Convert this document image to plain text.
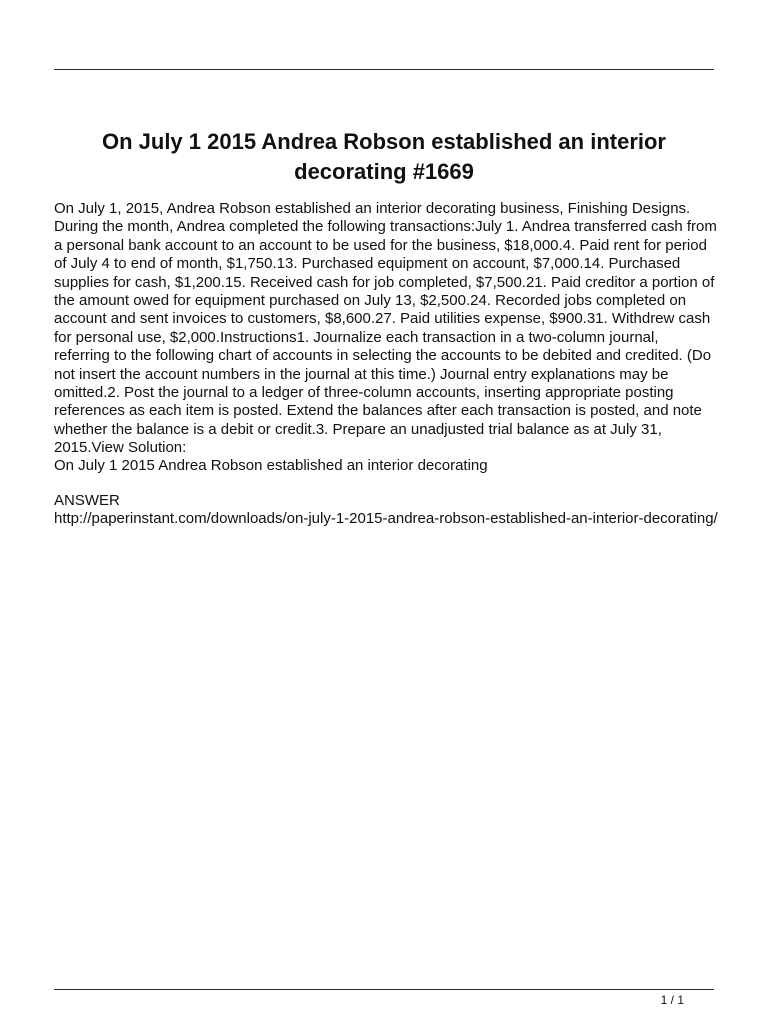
On July 1 2015 Andrea Robson established an interior decorating #1669

On July 1, 2015, Andrea Robson established an interior decorating business, Finishing Designs. During the month, Andrea completed the following transactions:July 1. Andrea transferred cash from a personal bank account to an account to be used for the business, $18,000.4. Paid rent for period of July 4 to end of month, $1,750.13. Purchased equipment on account, $7,000.14. Purchased supplies for cash, $1,200.15. Received cash for job completed, $7,500.21. Paid creditor a portion of the amount owed for equipment purchased on July 13, $2,500.24. Recorded jobs completed on account and sent invoices to customers, $8,600.27. Paid utilities expense, $900.31. Withdrew cash for personal use, $2,000.Instructions1. Journalize each transaction in a two-column journal, referring to the following chart of accounts in selecting the accounts to be debited and credited. (Do not insert the account numbers in the journal at this time.) Journal entry explanations may be omitted.2. Post the journal to a ledger of three-column accounts, inserting appropriate posting references as each item is posted. Extend the balances after each transaction is posted, and note whether the balance is a debit or credit.3. Prepare an unadjusted trial balance as at July 31, 2015.View Solution:

On July 1 2015 Andrea Robson established an interior decorating

ANSWER

http://paperinstant.com/downloads/on-july-1-2015-andrea-robson-established-an-interior-decorating/
1 / 1
